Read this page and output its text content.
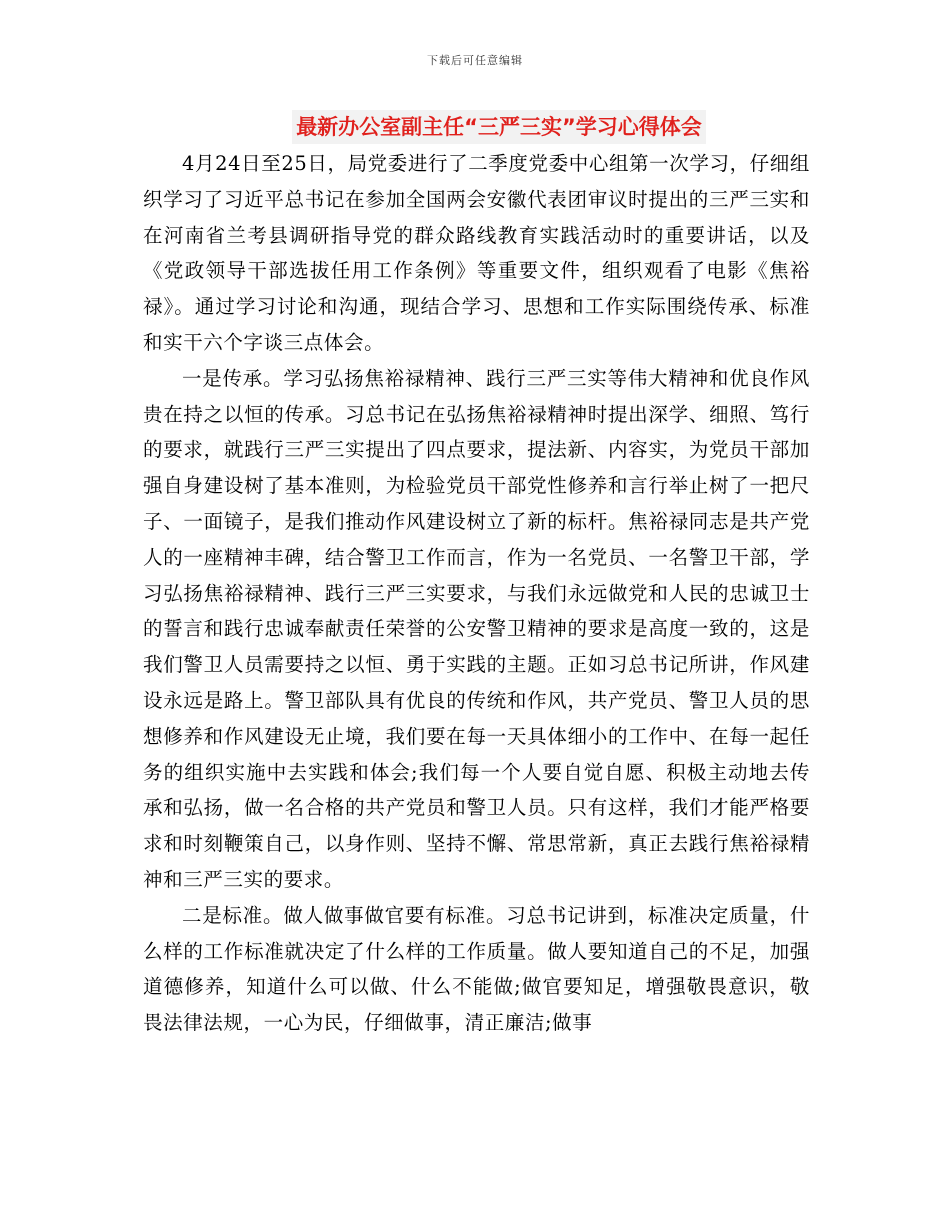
下载后可任意编辑
最新办公室副主任“三严三实”学习心得体会

4月24日至25日，局党委进行了二季度党委中心组第一次学习，仔细组织学习了习近平总书记在参加全国两会安徽代表团审议时提出的三严三实和在河南省兰考县调研指导党的群众路线教育实践活动时的重要讲话，以及《党政领导干部选拔任用工作条例》等重要文件，组织观看了电影《焦裕禄》。通过学习讨论和沟通，现结合学习、思想和工作实际围绕传承、标准和实干六个字谈三点体会。

一是传承。学习弘扬焦裕禄精神、践行三严三实等伟大精神和优良作风贵在持之以恒的传承。习总书记在弘扬焦裕禄精神时提出深学、细照、笃行的要求，就践行三严三实提出了四点要求，提法新、内容实，为党员干部加强自身建设树了基本准则，为检验党员干部党性修养和言行举止树了一把尺子、一面镜子，是我们推动作风建设树立了新的标杆。焦裕禄同志是共产党人的一座精神丰碑，结合警卫工作而言，作为一名党员、一名警卫干部，学习弘扬焦裕禄精神、践行三严三实要求，与我们永远做党和人民的忠诚卫士的誓言和践行忠诚奉献责任荣誉的公安警卫精神的要求是高度一致的，这是我们警卫人员需要持之以恒、勇于实践的主题。正如习总书记所讲，作风建设永远是路上。警卫部队具有优良的传统和作风，共产党员、警卫人员的思想修养和作风建设无止境，我们要在每一天具体细小的工作中、在每一起任务的组织实施中去实践和体会;我们每一个人要自觉自愿、积极主动地去传承和弘扬，做一名合格的共产党员和警卫人员。只有这样，我们才能严格要求和时刻鞭策自己，以身作则、坚持不懈、常思常新，真正去践行焦裕禄精神和三严三实的要求。

二是标准。做人做事做官要有标准。习总书记讲到，标准决定质量，什么样的工作标准就决定了什么样的工作质量。做人要知道自己的不足，加强道德修养，知道什么可以做、什么不能做;做官要知足，增强敬畏意识，敬畏法律法规，一心为民，仔细做事，清正廉洁;做事
